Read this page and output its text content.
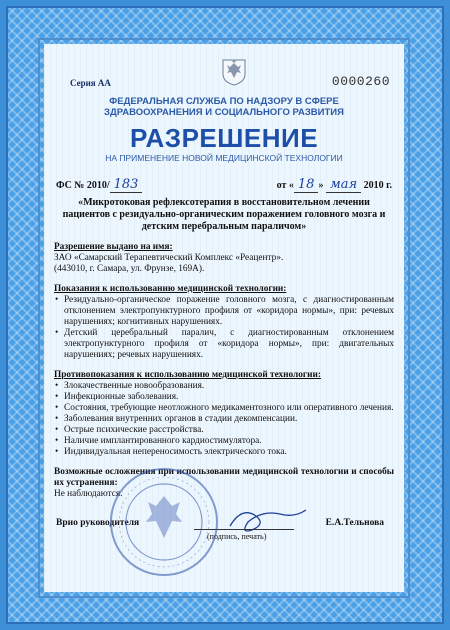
Серия АА	0000260
ФЕДЕРАЛЬНАЯ СЛУЖБА ПО НАДЗОРУ В СФЕРЕ
ЗДРАВООХРАНЕНИЯ И СОЦИАЛЬНОГО РАЗВИТИЯ
РАЗРЕШЕНИЕ
НА ПРИМЕНЕНИЕ НОВОЙ МЕДИЦИНСКОЙ ТЕХНОЛОГИИ
ФС № 2010/ 183	от « 18 » мая 2010 г.
«Микротоковая рефлексотерапия в восстановительном лечении пациентов с резидуально-органическим поражением головного мозга и детским перебральным параличом»
Разрешение выдано на имя:
ЗАО «Самарский Терапевтический Комплекс «Реацентр».
(443010, г. Самара, ул. Фрунзе, 169А).
Показания к использованию медицинской технологии:
• Резидуально-органическое поражение головного мозга, с диагностированным отклонением электропунктурного профиля от «коридора нормы», при: речевых нарушениях; когнитивных нарушениях.
• Детский церебральный паралич, с диагностированным отклонением электропунктурного профиля от «коридора нормы», при: двигательных нарушениях; речевых нарушениях.
Противопоказания к использованию медицинской технологии:
• Злокачественные новообразования.
• Инфекционные заболевания.
• Состояния, требующие неотложного медикаментозного или оперативного лечения.
• Заболевания внутренних органов в стадии декомпенсации.
• Острые психические расстройства.
• Наличие имплантированного кардиостимулятора.
• Индивидуальная непереносимость электрического тока.
Возможные осложнения при использовании медицинской технологии и способы их устранения:
Не наблюдаются.
Врио руководителя
(подпись, печать)
Е.А.Тельнова
